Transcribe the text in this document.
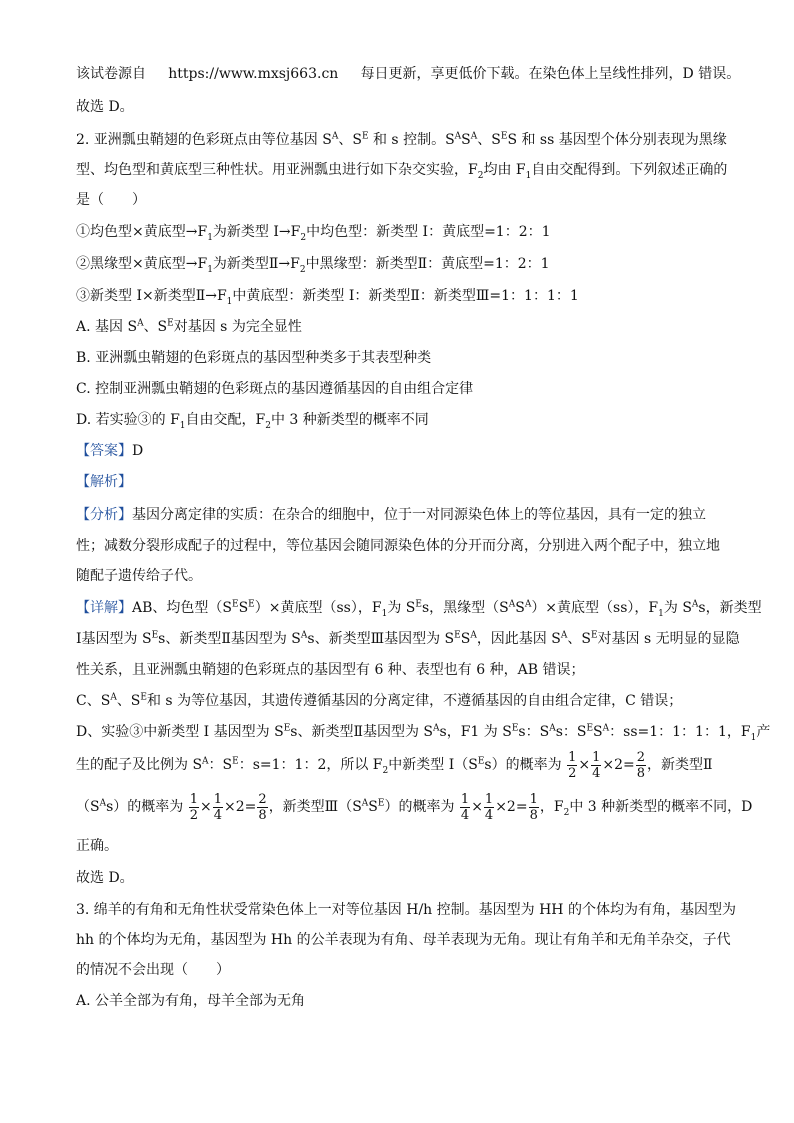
该试卷源自 https://www.mxsj663.cn 每日更新，享更低价下载。在染色体上呈线性排列，D 错误。
故选 D。
2. 亚洲瓢虫鞘翅的色彩斑点由等位基因 $S^A$、$S^E$ 和 s 控制。$S^AS^A$、$S^ES$ 和 ss 基因型个体分别表现为黑缘
型、均色型和黄底型三种性状。用亚洲瓢虫进行如下杂交实验，$F_2$均由 $F_1$自由交配得到。下列叙述正确的
是（　　）
①均色型×黄底型$\to F_1$为新类型 $I\to F_2$中均色型：新类型 I：黄底型=1：2：1
②黑缘型×黄底型$\to F_1$为新类型$Ⅱ\to F_2$中黑缘型：新类型Ⅱ：黄底型=1：2：1
③新类型 I×新类型$Ⅱ\to F_1$中黄底型：新类型 I：新类型Ⅱ：新类型Ⅲ=1：1：1：1
A. 基因 $S^A$、$S^E$对基因 s 为完全显性
B. 亚洲瓢虫鞘翅的色彩斑点的基因型种类多于其表型种类
C. 控制亚洲瓢虫鞘翅的色彩斑点的基因遵循基因的自由组合定律
D. 若实验③的 $F_1$自由交配，$F_2$中 3 种新类型的概率不同
【答案】D
【解析】
【分析】基因分离定律的实质：在杂合的细胞中，位于一对同源染色体上的等位基因，具有一定的独立
性；减数分裂形成配子的过程中，等位基因会随同源染色体的分开而分离，分别进入两个配子中，独立地
随配子遗传给子代。
【详解】AB、均色型$(S^ES^E)\times$黄底型（ss），$F_1$为 $S^Es$，黑缘型$(S^AS^A)\times$黄底型（ss），$F_1$为 $S^As$，新类型
Ⅰ基因型为 $S^Es$、新类型Ⅱ基因型为 $S^As$、新类型Ⅲ基因型为 $S^ES^A$，因此基因 $S^A$、$S^E$对基因 s 无明显的显隐
性关系，且亚洲瓢虫鞘翅的色彩斑点的基因型有 6 种、表型也有 6 种，AB 错误；
C、$S^A$、$S^E$和 s 为等位基因，其遗传遵循基因的分离定律，不遵循基因的自由组合定律，C 错误；
D、实验③中新类型 I 基因型为 $S^Es$、新类型Ⅱ基因型为 $S^As$，F1 为 $S^Es$：$S^As$：$S^ES^A$：ss=1：1：1：1，$F_1$产
生的配子及比例为 $S^A$：$S^E$：s=1：1：2，所以 $F_2$中新类型 $I(S^Es)$的概率为 $\frac{1}{2} \times \frac{1}{4} \times 2= \frac{2}{8}$ ，新类型Ⅱ
$(S^As)$的概率为 $\frac{1}{2} \times \frac{1}{4} \times 2= \frac{2}{8}$ ，新类型$Ⅲ(S^AS^E)$的概率为 $\frac{1}{4} \times \frac{1}{4} \times 2= \frac{1}{8}$ ，$F_2$中 3 种新类型的概率不同，D
正确。
故选 D。
3. 绵羊的有角和无角性状受常染色体上一对等位基因 H/h 控制。基因型为 HH 的个体均为有角，基因型为
hh 的个体均为无角，基因型为 Hh 的公羊表现为有角、母羊表现为无角。现让有角羊和无角羊杂交，子代
的情况不会出现（　　）
A. 公羊全部为有角，母羊全部为无角
